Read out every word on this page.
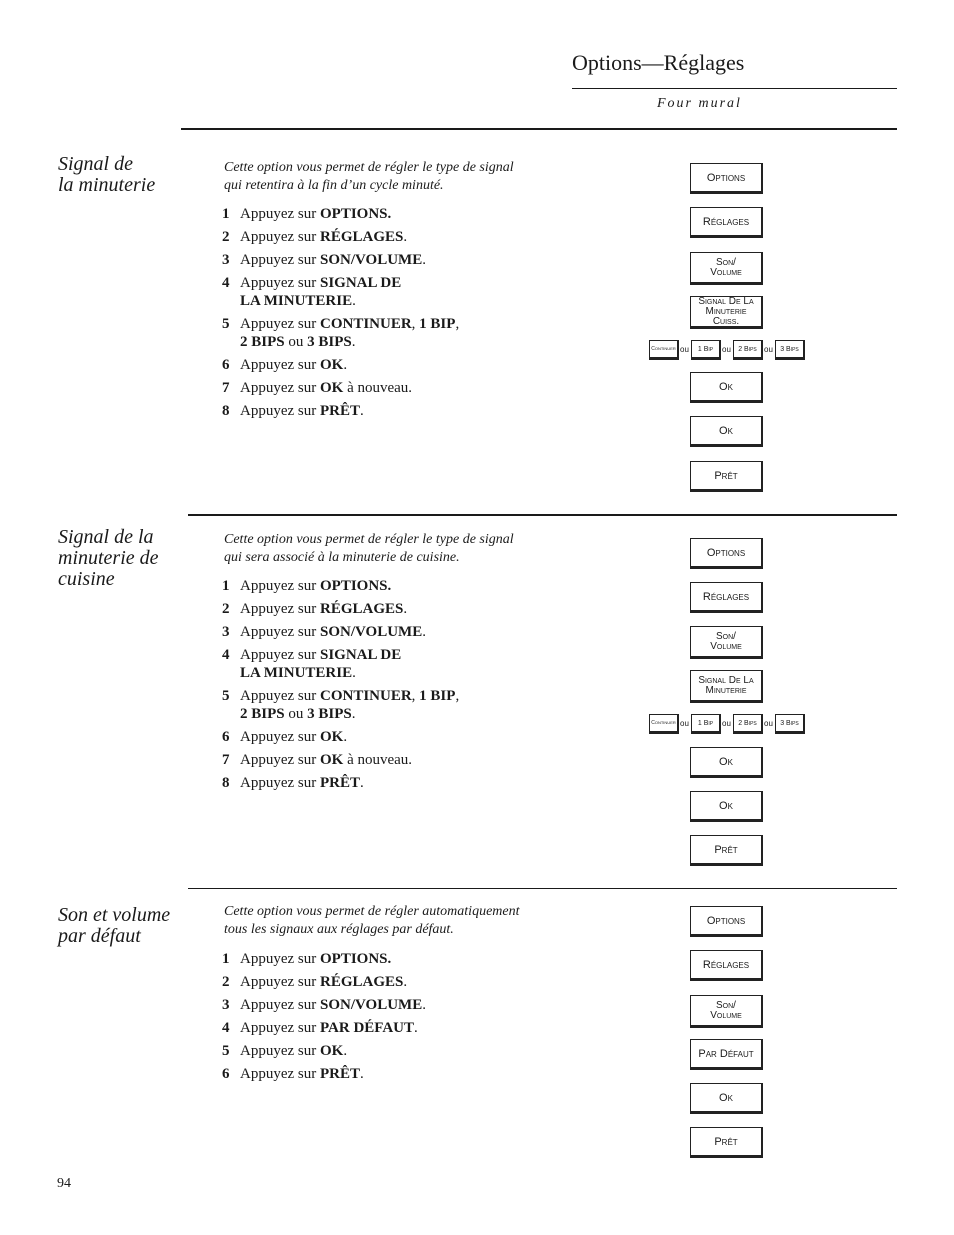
Options—Réglages
Four mural
Signal de
la minuterie
Cette option vous permet de régler le type de signal
qui retentira à la fin d’un cycle minuté.
1 Appuyez sur OPTIONS.
2 Appuyez sur RÉGLAGES.
3 Appuyez sur SON/VOLUME.
4 Appuyez sur SIGNAL DE
LA MINUTERIE.
5 Appuyez sur CONTINUER, 1 BIP,
2 BIPS ou 3 BIPS.
6 Appuyez sur OK.
7 Appuyez sur OK à nouveau.
8 Appuyez sur PRÊT.
Options
Réglages
Son/
Volume
Signal De La
Minuterie Cuiss.
Continuer ou	1 Bip	ou	2 Bips ou	3 Bips
Ok
Ok
Prêt
Signal de la
minuterie de
cuisine
Cette option vous permet de régler le type de signal
qui sera associé à la minuterie de cuisine.
1 Appuyez sur OPTIONS.
2 Appuyez sur RÉGLAGES.
3 Appuyez sur SON/VOLUME.
4 Appuyez sur SIGNAL DE
LA MINUTERIE.
5 Appuyez sur CONTINUER, 1 BIP,
2 BIPS ou 3 BIPS.
6 Appuyez sur OK.
7 Appuyez sur OK à nouveau.
8 Appuyez sur PRÊT.
Options
Réglages
Son/
Volume
Signal De La
Minuterie
Continuer ou	1 Bip	ou	2 Bips ou	3 Bips
Ok
Ok
Prêt
Son et volume
par défaut
Cette option vous permet de régler automatiquement
tous les signaux aux réglages par défaut.
1 Appuyez sur OPTIONS.
2 Appuyez sur RÉGLAGES.
3 Appuyez sur SON/VOLUME.
4 Appuyez sur PAR DÉFAUT.
5 Appuyez sur OK.
6 Appuyez sur PRÊT.
Options
Réglages
Son/
Volume
Par Défaut
Ok
Prêt
94
